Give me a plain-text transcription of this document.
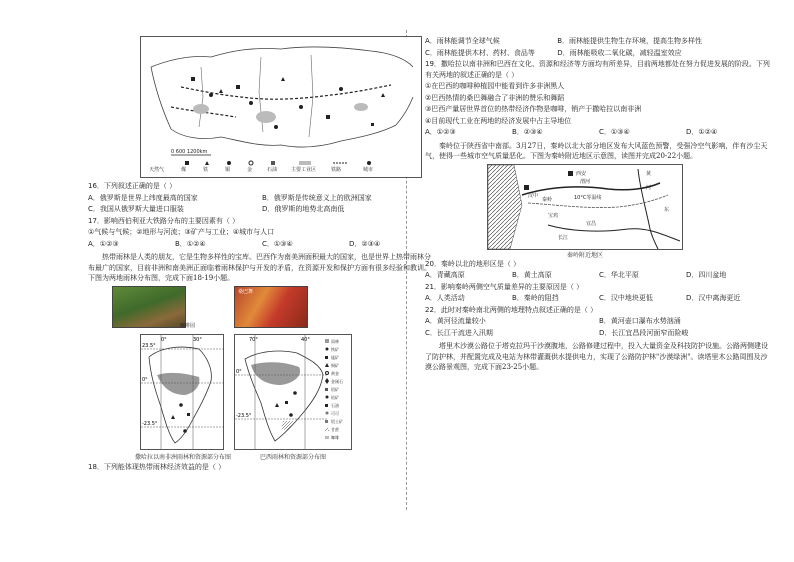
0 600 1200km
天然气	煤	铁	铜	金	石油	主要工业区	铁路	城市
16．下列叙述正确的是（ ）
A．俄罗斯是世界上纬度最高的国家	B．俄罗斯是传统意义上的欧洲国家
C．我国从俄罗斯大量进口服装	D．俄罗斯的地势北高南低
17．影响西伯利亚大铁路分布的主要因素有（ ）
①气候与气候；②地形与河流；③矿产与工业；④城市与人口
A．①②③	B．①②④	C．①③④	D．②③④
热带雨林是人类的朋友，它是生物多样性的宝库。巴西作为南美洲面积最大的国家，也是世界上热带雨林分布最广的国家，目前非洲和南美洲正面临着雨林保护与开发的矛盾，在资源开发和保护方面有很多经验和教训。下图为两地雨林分布图，完成下面18-19小题。
咖啡园
桑巴舞
0°	30°
23.5°
0°
-23.5°
70°	40°
0°
-23.5°
雨林
铁矿
锰矿
铜矿
黄金
金刚石
铝矿
钻矿
石油
可可
铝土矿
甘蔗
咖啡
撒哈拉以南非洲雨林和资源部分布图	巴西雨林和资源部分布图
18．下列能体现热带雨林经济效益的是（ ）
A．雨林能调节全球气候	B．雨林能提供生物生存环境，提高生物多样性
C．雨林能提供木材、药材、食品等	D．雨林能吸收二氧化碳，减轻温室效应
19．撒哈拉以南非洲和巴西在文化、资源和经济等方面均有所差异，目前两地都处在努力促进发展的阶段。下列有关两地的叙述正确的是（ ）
①在巴西的咖啡种植园中能看到许多非洲黑人
②巴西热情的桑巴舞融合了非洲的赞乐和舞蹈
③巴西产量居世界首位的热带经济作物是咖啡，销产于撒哈拉以南非洲
④目前现代工业在两地的经济发展中占主导地位
A．①②③	B．②③④	C．①③④	D．①②④
秦岭位于陕西省中南部。3月27日，秦岭以北大部分地区发布大风蓝色预警，受强冷空气影响，伴有沙尘天气，使得一些城市空气质量恶化。下图为秦岭附近地区示意图，读图并完成20-22小题。
西安
渭河
秦岭	10°C等温线
汉中
宝鸡
宜昌
长江
黄
河
东
秦岭附近地区
20．秦岭以北的地形区是（ ）
A．青藏高原	B．黄土高原	C．华北平原	D．四川盆地
21．影响秦岭两侧空气质量差异的主要原因是（ ）
A．人类活动	B．秦岭的阻挡	C．汉中地块更低	D．汉中离海更近
22．此时对秦岭南北两侧的地理特点叙述正确的是（ ）
A．黄河径流量较小	B．黄河壶口瀑布水势汹涌
C．长江干流进入汛期	D．长江宜昌段河面窄而险峻
塔里木沙漠公路位于塔克拉玛干沙漠腹地，公路修建过程中，投入大量资金及科技防护设施。公路两侧建设了防护林，并配置完成及电站为林带灌溉供水提供电力，实现了公路防护林"沙漠绿洲"。读塔里木公路周围及沙漠公路景观图，完成下面23-25小题。
